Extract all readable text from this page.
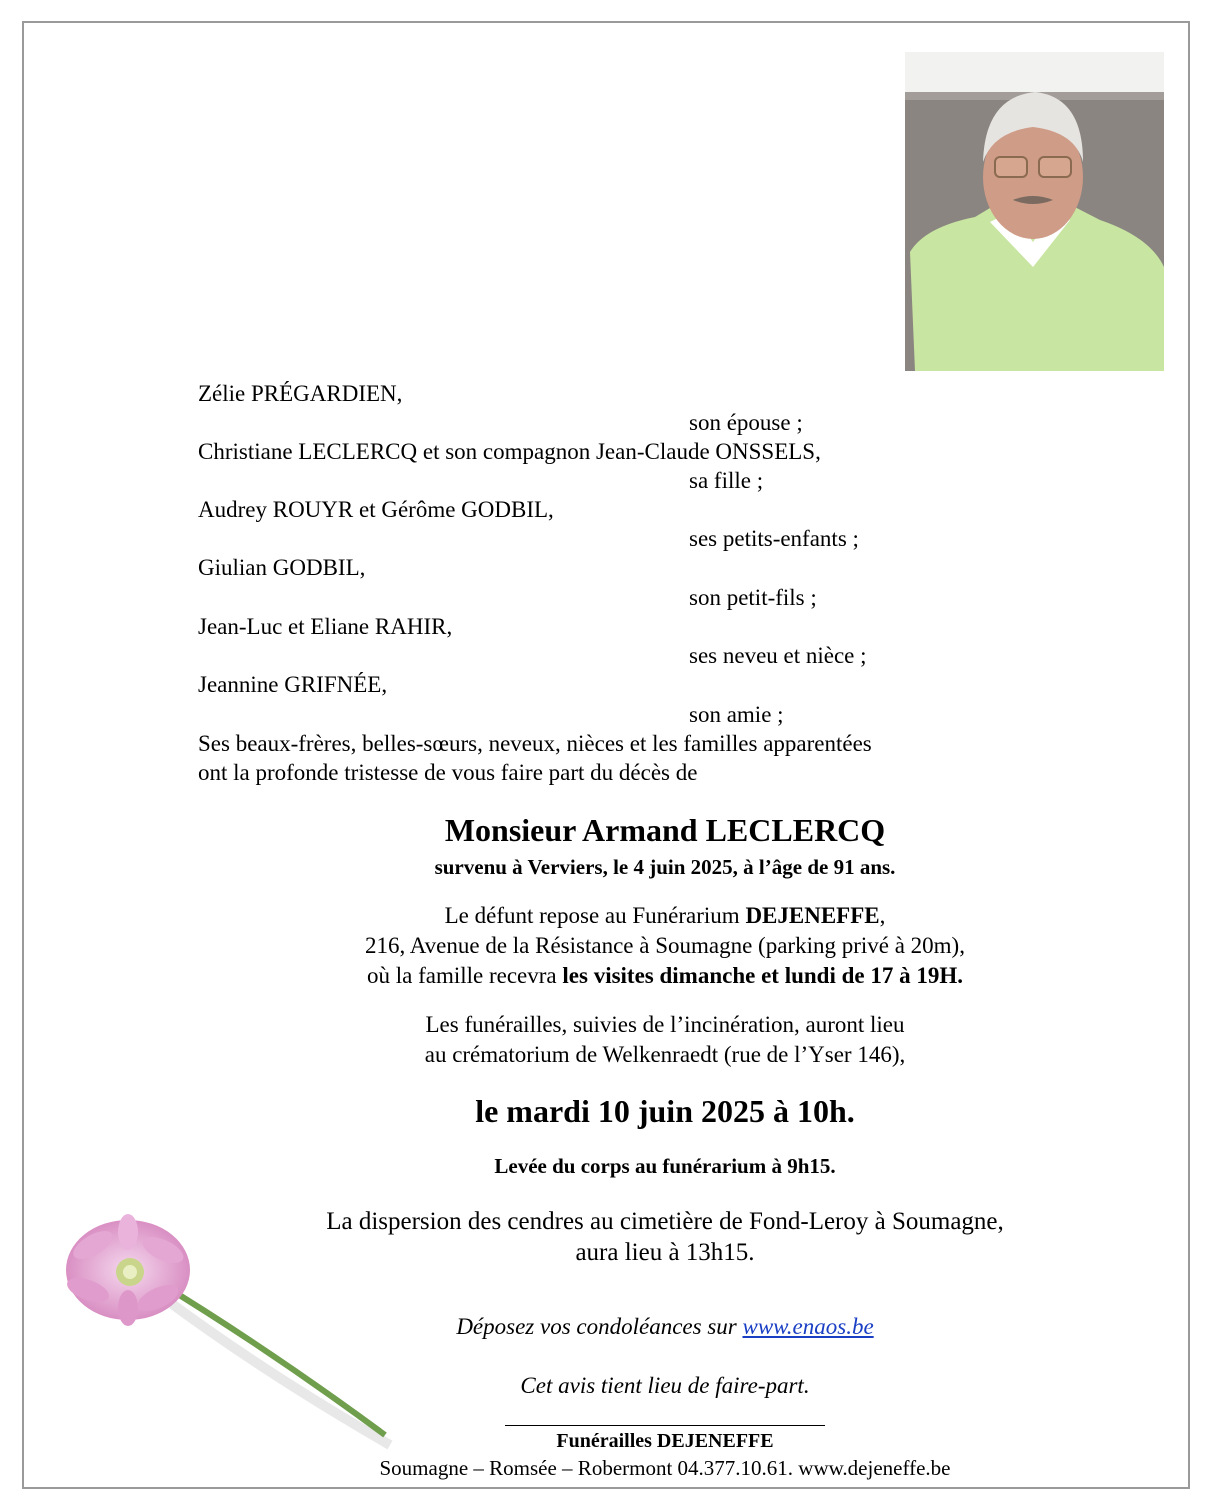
Zélie PRÉGARDIEN,
son épouse ;
Christiane LECLERCQ et son compagnon Jean-Claude ONSSELS,
sa fille ;
Audrey ROUYR et Gérôme GODBIL,
ses petits-enfants ;
Giulian GODBIL,
son petit-fils ;
Jean-Luc et Eliane RAHIR,
ses neveu et nièce ;
Jeannine GRIFNÉE,
son amie ;
Ses beaux-frères, belles-sœurs, neveux, nièces et les familles apparentées
ont la profonde tristesse de vous faire part du décès de
Monsieur Armand LECLERCQ
survenu à Verviers, le 4 juin 2025, à l’âge de 91 ans.
Le défunt repose au Funérarium DEJENEFFE,
216, Avenue de la Résistance à Soumagne (parking privé à 20m),
où la famille recevra les visites dimanche et lundi de 17 à 19H.
Les funérailles, suivies de l’incinération, auront lieu
au crématorium de Welkenraedt (rue de l’Yser 146),
le mardi 10 juin 2025 à 10h.
Levée du corps au funérarium à 9h15.
La dispersion des cendres au cimetière de Fond-Leroy à Soumagne,
aura lieu à 13h15.
Déposez vos condoléances sur www.enaos.be
Cet avis tient lieu de faire-part.
Funérailles DEJENEFFE
Soumagne – Romsée – Robermont 04.377.10.61. www.dejeneffe.be
